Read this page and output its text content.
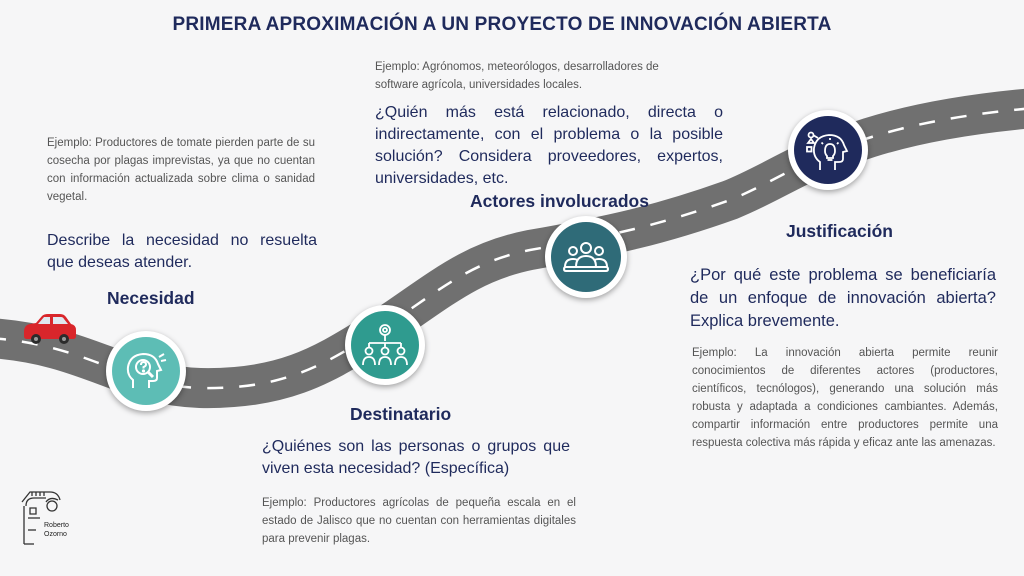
PRIMERA APROXIMACIÓN A UN PROYECTO DE INNOVACIÓN ABIERTA
Ejemplo: Productores de tomate pierden parte de su cosecha por plagas imprevistas, ya que no cuentan con información actualizada sobre clima o sanidad vegetal.
Describe la necesidad no resuelta que deseas atender.
Necesidad
Destinatario
¿Quiénes son las personas o grupos que viven esta necesidad? (Específica)
Ejemplo: Productores agrícolas de pequeña escala en el estado de Jalisco que no cuentan con herramientas digitales para prevenir plagas.
Ejemplo: Agrónomos, meteorólogos, desarrolladores de software agrícola, universidades locales.
¿Quién más está relacionado, directa o indirectamente, con el problema o la posible solución? Considera proveedores, expertos, universidades, etc.
Actores involucrados
Justificación
¿Por qué este problema se beneficiaría de un enfoque de innovación abierta? Explica brevemente.
Ejemplo: La innovación abierta permite reunir conocimientos de diferentes actores (productores, científicos, tecnólogos), generando una solución más robusta y adaptada a condiciones cambiantes. Además, compartir información entre productores permite una respuesta colectiva más rápida y eficaz ante las amenazas.
Roberto
Ozorno
